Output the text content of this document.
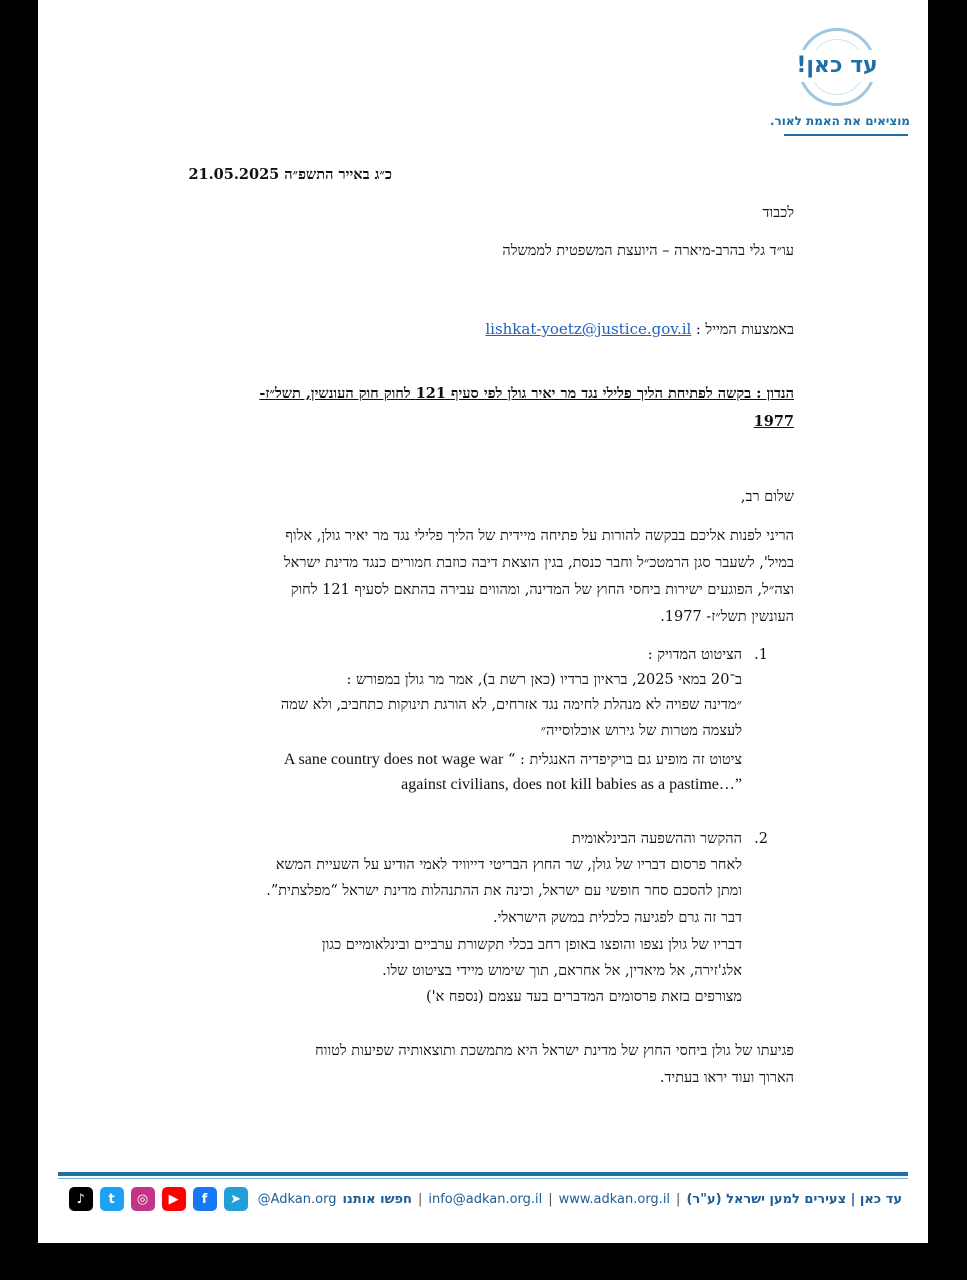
עד כאן!
מוציאים את האמת לאור.
כ״ג באייר התשפ״ה 21.05.2025
לכבוד
עו״ד גלי בהרב-מיארה – היועצת המשפטית לממשלה
באמצעות המייל : lishkat-yoetz@justice.gov.il
הנדון : בקשה לפתיחת הליך פלילי נגד מר יאיר גולן לפי סעיף 121 לחוק חוק העונשין, תשל״ז-
1977
שלום רב,
הריני לפנות אליכם בבקשה להורות על פתיחה מיידית של הליך פלילי נגד מר יאיר גולן, אלוף
במיל', לשעבר סגן הרמטכ״ל וחבר כנסת, בגין הוצאת דיבה כוזבת חמורים כנגד מדינת ישראל
וצה״ל, הפוגעים ישירות ביחסי החוץ של המדינה, ומהווים עבירה בהתאם לסעיף 121 לחוק
העונשין תשל״ז- 1977.
1.
הציטוט המדויק :
ב־20 במאי 2025, בראיון ברדיו (כאן רשת ב), אמר מר גולן במפורש :
״מדינה שפויה לא מנהלת לחימה נגד אזרחים, לא הורגת תינוקות כתחביב, ולא שמה
לעצמה מטרות של גירוש אוכלוסייה״
ציטוט זה מופיע גם בויקיפדיה האנגלית : “ A sane country does not wage war
”…against civilians, does not kill babies as a pastime
2.
ההקשר וההשפעה הבינלאומית
לאחר פרסום דבריו של גולן, שר החוץ הבריטי דייוויד לאמי הודיע על השעיית המשא
ומתן להסכם סחר חופשי עם ישראל, וכינה את ההתנהלות מדינת ישראל “מפלצתית”.
דבר זה גרם לפגיעה כלכלית במשק הישראלי.
דבריו של גולן נצפו והופצו באופן רחב בכלי תקשורת ערביים ובינלאומיים כגון
אלג'זירה, אל מיאדין, אל אחראם, תוך שימוש מיידי בציטוט שלו.
מצורפים בזאת פרסומים המדברים בעד עצמם (נספח א')
פגיעתו של גולן ביחסי החוץ של מדינת ישראל היא מתמשכת ותוצאותיה שפיעות לטווח
הארוך ועוד יראו בעתיד.
עד כאן | צעירים למען ישראל (ע"ר)
|
www.adkan.org.il
|
info@adkan.org.il
|
חפשו אותנו
@Adkan.org
♪	t	◎	▶	f	➤
